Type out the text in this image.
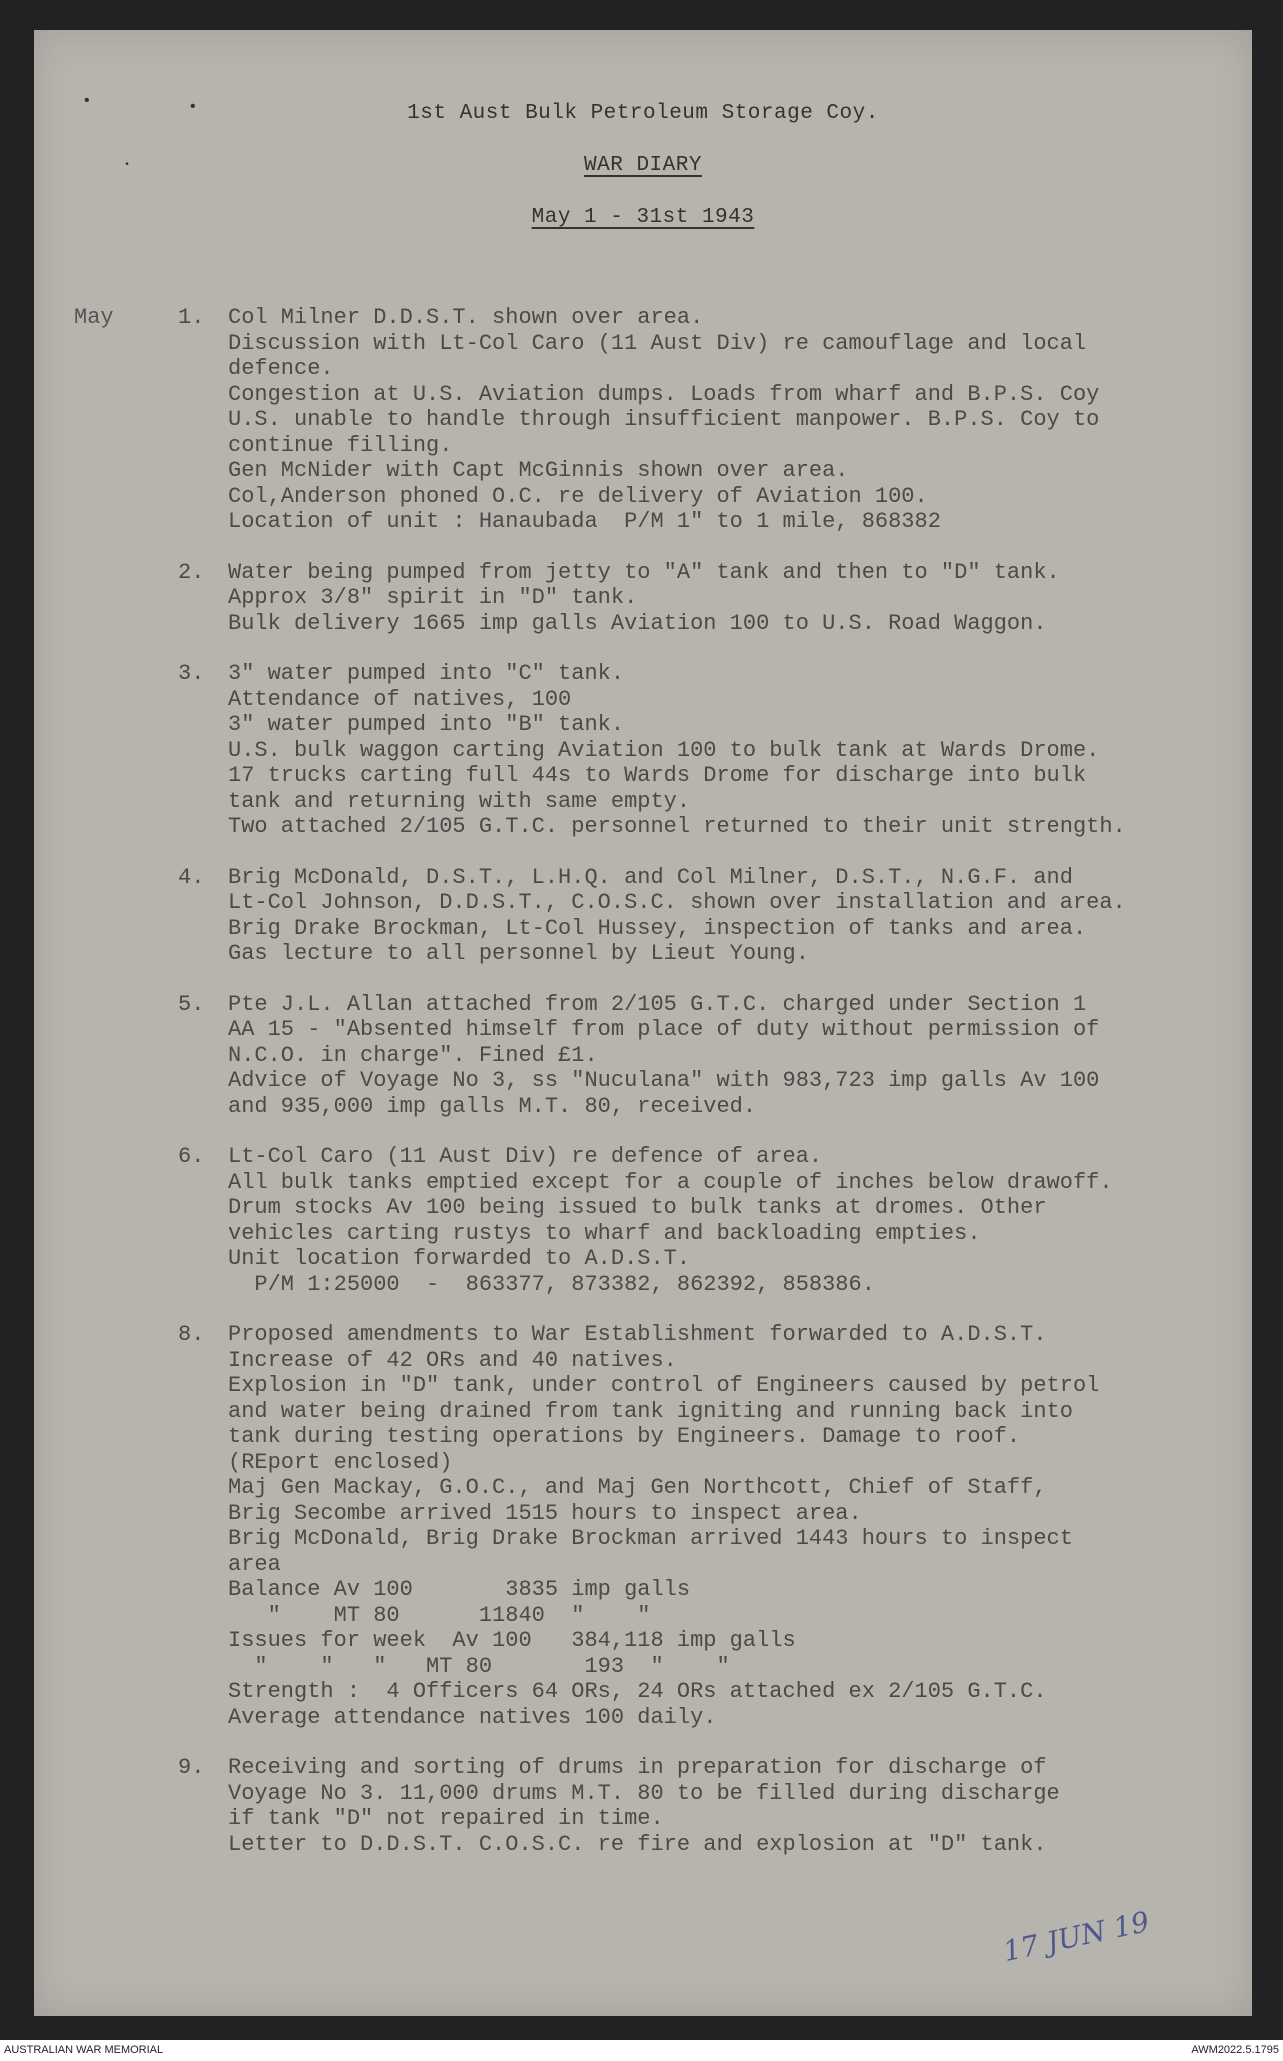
•	•
•
1st Aust Bulk Petroleum Storage Coy.
WAR DIARY
May 1 - 31st 1943
May	1. Col Milner D.D.S.T. shown over area.
Discussion with Lt-Col Caro (11 Aust Div) re camouflage and local
defence.
Congestion at U.S. Aviation dumps. Loads from wharf and B.P.S. Coy
U.S. unable to handle through insufficient manpower. B.P.S. Coy to
continue filling.
Gen McNider with Capt McGinnis shown over area.
Col,Anderson phoned O.C. re delivery of Aviation 100.
Location of unit : Hanaubada  P/M 1" to 1 mile, 868382
2. Water being pumped from jetty to "A" tank and then to "D" tank.
Approx 3/8" spirit in "D" tank.
Bulk delivery 1665 imp galls Aviation 100 to U.S. Road Waggon.
3. 3" water pumped into "C" tank.
Attendance of natives, 100
3" water pumped into "B" tank.
U.S. bulk waggon carting Aviation 100 to bulk tank at Wards Drome.
17 trucks carting full 44s to Wards Drome for discharge into bulk
tank and returning with same empty.
Two attached 2/105 G.T.C. personnel returned to their unit strength.
4. Brig McDonald, D.S.T., L.H.Q. and Col Milner, D.S.T., N.G.F. and
Lt-Col Johnson, D.D.S.T., C.O.S.C. shown over installation and area.
Brig Drake Brockman, Lt-Col Hussey, inspection of tanks and area.
Gas lecture to all personnel by Lieut Young.
5. Pte J.L. Allan attached from 2/105 G.T.C. charged under Section 1
AA 15 - "Absented himself from place of duty without permission of
N.C.O. in charge". Fined £1.
Advice of Voyage No 3, ss "Nuculana" with 983,723 imp galls Av 100
and 935,000 imp galls M.T. 80, received.
6. Lt-Col Caro (11 Aust Div) re defence of area.
All bulk tanks emptied except for a couple of inches below drawoff.
Drum stocks Av 100 being issued to bulk tanks at dromes. Other
vehicles carting rustys to wharf and backloading empties.
Unit location forwarded to A.D.S.T.
P/M 1:25000  -  863377, 873382, 862392, 858386.
8. Proposed amendments to War Establishment forwarded to A.D.S.T.
Increase of 42 ORs and 40 natives.
Explosion in "D" tank, under control of Engineers caused by petrol
and water being drained from tank igniting and running back into
tank during testing operations by Engineers. Damage to roof.
(REport enclosed)
Maj Gen Mackay, G.O.C., and Maj Gen Northcott, Chief of Staff,
Brig Secombe arrived 1515 hours to inspect area.
Brig McDonald, Brig Drake Brockman arrived 1443 hours to inspect
area
Balance Av 100       3835 imp galls
"    MT 80      11840  "    "
Issues for week  Av 100   384,118 imp galls
"    "   "   MT 80       193  "    "
Strength :  4 Officers 64 ORs, 24 ORs attached ex 2/105 G.T.C.
Average attendance natives 100 daily.
9. Receiving and sorting of drums in preparation for discharge of
Voyage No 3. 11,000 drums M.T. 80 to be filled during discharge
if tank "D" not repaired in time.
Letter to D.D.S.T. C.O.S.C. re fire and explosion at "D" tank.
17 JUN 19
AUSTRALIAN WAR MEMORIAL	AWM2022.5.1795
